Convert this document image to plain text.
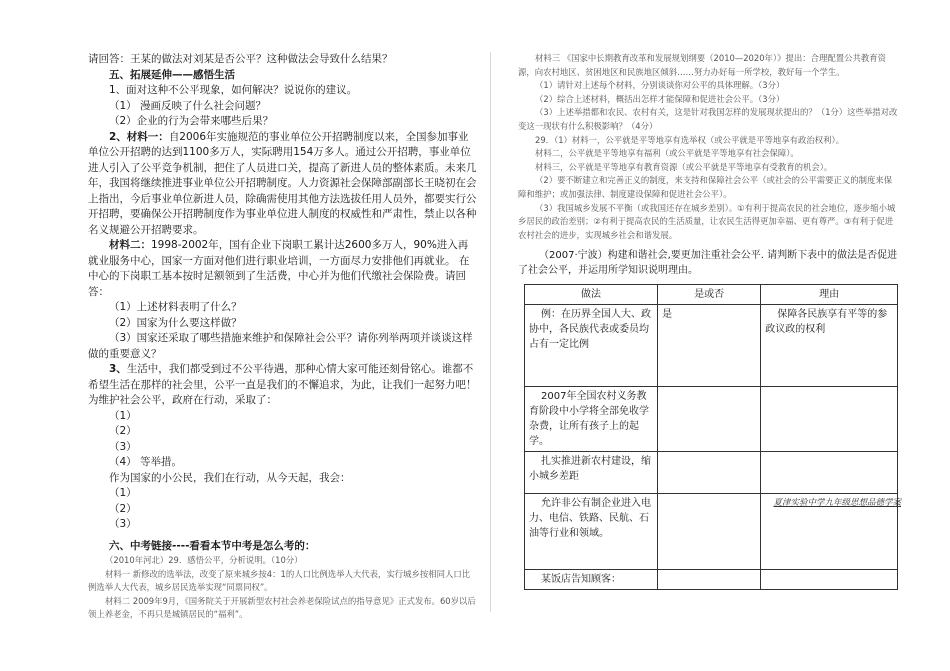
请回答：王某的做法对刘某是否公平？这种做法会导致什么结果？

五、拓展延伸——感悟生活

1、面对这种不公平现象，如何解决？说说你的建议。

（1） 漫画反映了什么社会问题？

（2）企业的行为会带来哪些后果？

2、材料一：自2006年实施规范的事业单位公开招聘制度以来，全国参加事业单位公开招聘的达到1100多万人，实际聘用154万多人。通过公开招聘，事业单位进人引入了公平竞争机制，把住了人员进口关，提高了新进人员的整体素质。未来几年，我国将继续推进事业单位公开招聘制度。人力资源社会保障部副部长王晓初在会上指出，今后事业单位新进人员，除确需使用其他方法选拔任用人员外，都要实行公开招聘，要确保公开招聘制度作为事业单位进人制度的权威性和严肃性，禁止以各种名义规避公开招聘要求。

材料二：1998-2002年，国有企业下岗职工累计达2600多万人，90%进入再就业服务中心，国家一方面对他们进行职业培训，一方面尽力安排他们再就业。 在中心的下岗职工基本按时足额领到了生活费，中心并为他们代缴社会保险费。请回答：

（1）上述材料表明了什么？

（2）国家为什么要这样做？

（3）国家还采取了哪些措施来维护和保障社会公平？请你列举两项并谈谈这样做的重要意义？

3、生活中，我们都受到过不公平待遇，那种心情大家可能还刻骨铭心。谁都不希望生活在那样的社会里，公平一直是我们的不懈追求，为此，让我们一起努力吧！为维护社会公平，政府在行动，采取了：

（1）

（2）

（3）

（4） 等举措。

作为国家的小公民，我们在行动，从今天起，我会：

（1）

（2）

（3）

六、中考链接----看看本节中考是怎么考的：

（2010年河北）29．感悟公平，分析说明。（10分）

材料一 新修改的选举法，改变了原来城乡按4：1的人口比例选举人大代表，实行城乡按相同人口比例选举人大代表，城乡居民选举实现“同票同权”。

材料二 2009年9月，《国务院关于开展新型农村社会养老保险试点的指导意见》正式发布。60岁以后领上养老金，不再只是城镇居民的“福利”。

材料三 《国家中长期教育改革和发展规划纲要（2010—2020年）》提出：合理配置公共教育资源，向农村地区、贫困地区和民族地区倾斜……努力办好每一所学校，教好每一个学生。

（1）请针对上述每个材料，分别谈谈你对公平的具体理解。（3分）

（2）综合上述材料，概括出怎样才能保障和促进社会公平。（3分）

（3）上述举措都和农民、农村有关，这是针对我国怎样的发展现状提出的？（1分）这些举措对改变这一现状有什么积极影响？（4分）

29．（1）材料一，公平就是平等地享有选举权（或公平就是平等地享有政治权利）。

材料二，公平就是平等地享有福利（或公平就是平等地享有社会保障）。

材料三，公平就是平等地享有教育资源（或公平就是平等地享有受教育的机会）。

（2）要不断建立和完善正义的制度，来支持和保障社会公平（或社会的公平需要正义的制度来保障和维护；或加强法律、制度建设保障和促进社会公平）。

（3）我国城乡发展不平衡（或我国还存在城乡差别）。①有利于提高农民的社会地位，逐步缩小城乡居民的政治差别；②有利于提高农民的生活质量，让农民生活得更加幸福、更有尊严。③有利于促进农村社会的进步，实现城乡社会和谐发展。

（2007·宁波）构建和谐社会,要更加注重社会公平. 请判断下表中的做法是否促进了社会公平，并运用所学知识说明理由。

做法	是或否	理由
例：在历界全国人大、政协中，各民族代表或委员均占有一定比例	是	保障各民族享有平等的参政议政的权利
2007年全国农村义务教育阶段中小学将全部免收学杂费，让所有孩子上的起学。		
扎实推进新农村建设，缩小城乡差距		
允许非公有制企业进入电力、电信、铁路、民航、石油等行业和领域。		夏津实验中学九年级思想品德学案

某饭店告知顾客：		
